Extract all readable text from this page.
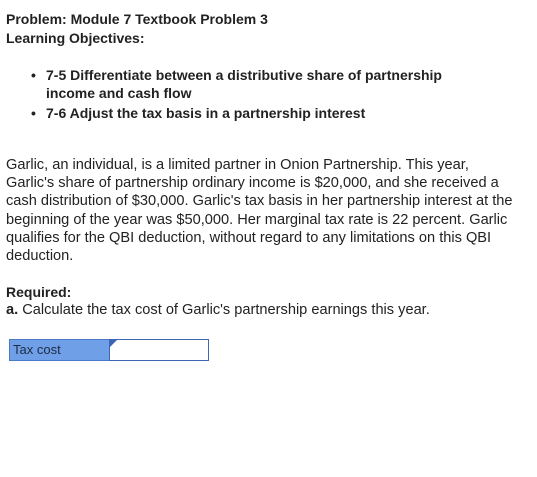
Problem: Module 7 Textbook Problem 3
Learning Objectives:
• 7-5 Differentiate between a distributive share of partnership
income and cash flow
• 7-6 Adjust the tax basis in a partnership interest
Garlic, an individual, is a limited partner in Onion Partnership. This year, Garlic's share of partnership ordinary income is $20,000, and she received a cash distribution of $30,000. Garlic's tax basis in her partnership interest at the beginning of the year was $50,000. Her marginal tax rate is 22 percent. Garlic qualifies for the QBI deduction, without regard to any limitations on this QBI deduction.
Required:
a. Calculate the tax cost of Garlic's partnership earnings this year.
Tax cost
